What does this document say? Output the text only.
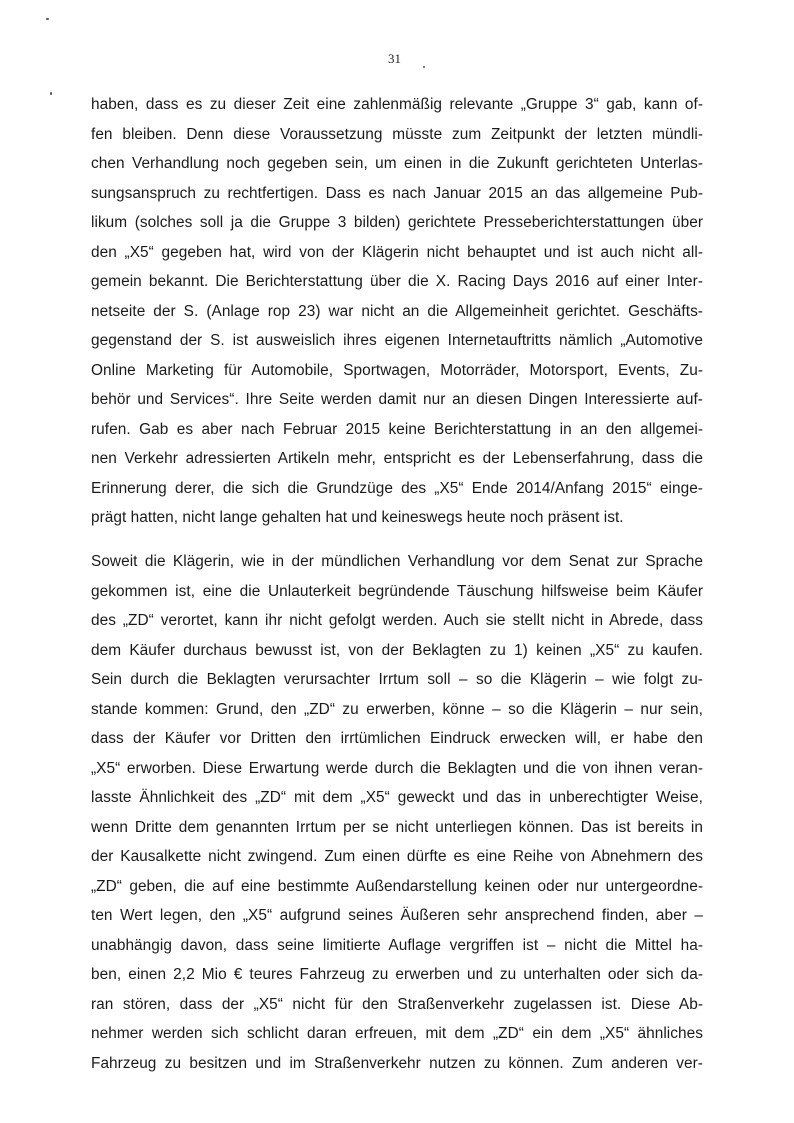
31
haben, dass es zu dieser Zeit eine zahlenmäßig relevante „Gruppe 3“ gab, kann of-
fen bleiben. Denn diese Voraussetzung müsste zum Zeitpunkt der letzten mündli-
chen Verhandlung noch gegeben sein, um einen in die Zukunft gerichteten Unterlas-
sungsanspruch zu rechtfertigen. Dass es nach Januar 2015 an das allgemeine Pub-
likum (solches soll ja die Gruppe 3 bilden) gerichtete Presseberichterstattungen über
den „X5“ gegeben hat, wird von der Klägerin nicht behauptet und ist auch nicht all-
gemein bekannt. Die Berichterstattung über die X. Racing Days 2016 auf einer Inter-
netseite der S. (Anlage rop 23) war nicht an die Allgemeinheit gerichtet. Geschäfts-
gegenstand der S. ist ausweislich ihres eigenen Internetauftritts nämlich „Automotive
Online Marketing für Automobile, Sportwagen, Motorräder, Motorsport, Events, Zu-
behör und Services“. Ihre Seite werden damit nur an diesen Dingen Interessierte auf-
rufen. Gab es aber nach Februar 2015 keine Berichterstattung in an den allgemei-
nen Verkehr adressierten Artikeln mehr, entspricht es der Lebenserfahrung, dass die
Erinnerung derer, die sich die Grundzüge des „X5“ Ende 2014/Anfang 2015“ einge-
prägt hatten, nicht lange gehalten hat und keineswegs heute noch präsent ist.
Soweit die Klägerin, wie in der mündlichen Verhandlung vor dem Senat zur Sprache
gekommen ist, eine die Unlauterkeit begründende Täuschung hilfsweise beim Käufer
des „ZD“ verortet, kann ihr nicht gefolgt werden. Auch sie stellt nicht in Abrede, dass
dem Käufer durchaus bewusst ist, von der Beklagten zu 1) keinen „X5“ zu kaufen.
Sein durch die Beklagten verursachter Irrtum soll – so die Klägerin – wie folgt zu-
stande kommen: Grund, den „ZD“ zu erwerben, könne – so die Klägerin – nur sein,
dass der Käufer vor Dritten den irrtümlichen Eindruck erwecken will, er habe den
„X5“ erworben. Diese Erwartung werde durch die Beklagten und die von ihnen veran-
lasste Ähnlichkeit des „ZD“ mit dem „X5“ geweckt und das in unberechtigter Weise,
wenn Dritte dem genannten Irrtum per se nicht unterliegen können. Das ist bereits in
der Kausalkette nicht zwingend. Zum einen dürfte es eine Reihe von Abnehmern des
„ZD“ geben, die auf eine bestimmte Außendarstellung keinen oder nur untergeordne-
ten Wert legen, den „X5“ aufgrund seines Äußeren sehr ansprechend finden, aber –
unabhängig davon, dass seine limitierte Auflage vergriffen ist – nicht die Mittel ha-
ben, einen 2,2 Mio € teures Fahrzeug zu erwerben und zu unterhalten oder sich da-
ran stören, dass der „X5“ nicht für den Straßenverkehr zugelassen ist. Diese Ab-
nehmer werden sich schlicht daran erfreuen, mit dem „ZD“ ein dem „X5“ ähnliches
Fahrzeug zu besitzen und im Straßenverkehr nutzen zu können. Zum anderen ver-
